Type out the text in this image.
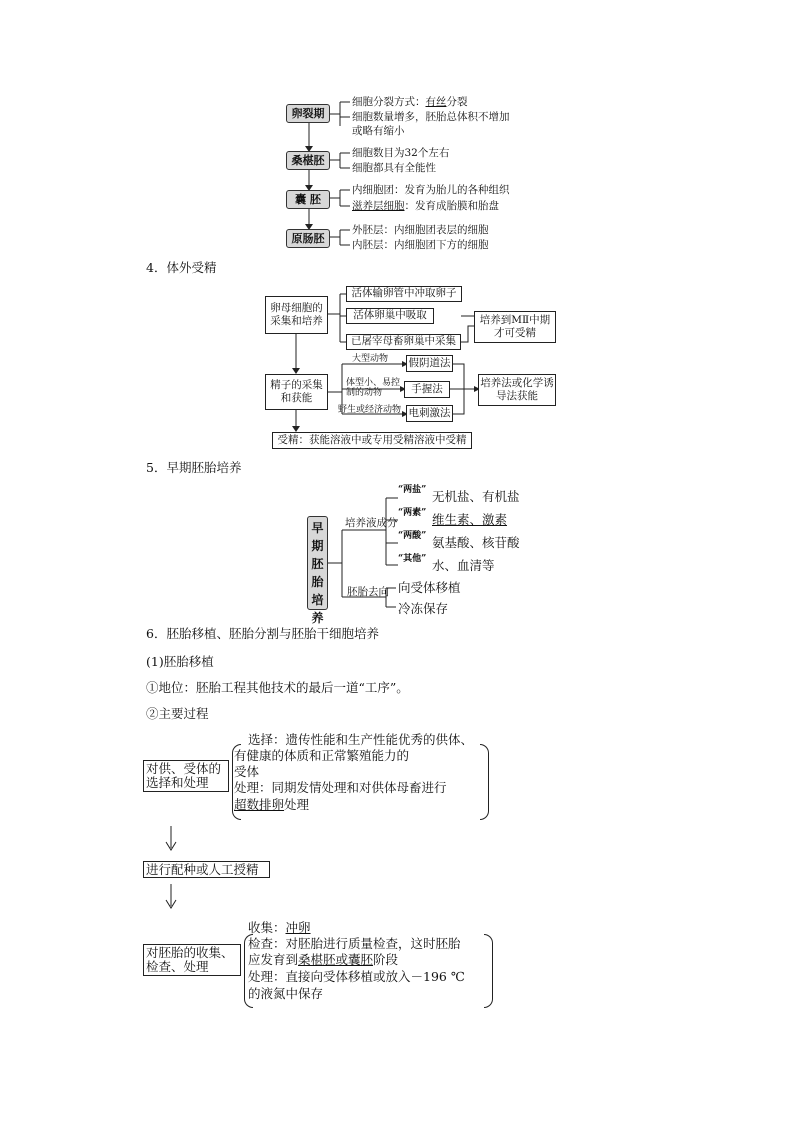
卵裂期
桑椹胚
囊 胚
原肠胚
细胞分裂方式：有丝分裂
细胞数量增多，胚胎总体积不增加
或略有缩小
细胞数目为32个左右
细胞都具有全能性
内细胞团：发育为胎儿的各种组织
滋养层细胞：发育成胎膜和胎盘
外胚层：内细胞团表层的细胞
内胚层：内细胞团下方的细胞
4．体外受精
卵母细胞的采集和培养
活体输卵管中冲取卵子
活体卵巢中吸取
已屠宰母畜卵巢中采集
培养到MⅡ中期才可受精
精子的采集和获能
大型动物
体型小、易控制的动物
野生或经济动物
假阴道法
手握法
电刺激法
培养法或化学诱导法获能
受精：获能溶液中或专用受精溶液中受精
5．早期胚胎培养
早期胚胎培养
培养液成分
“两盐” 无机盐、有机盐
“两素” 维生素、激素
“两酸” 氨基酸、核苷酸
“其他” 水、血清等
胚胎去向 向受体移植
冷冻保存
6．胚胎移植、胚胎分割与胚胎干细胞培养
(1)胚胎移植
①地位：胚胎工程其他技术的最后一道“工序”。
②主要过程
对供、受体的选择和处理
选择：遗传性能和生产性能优秀的供体、
有健康的体质和正常繁殖能力的
受体
处理：同期发情处理和对供体母畜进行
超数排卵处理
进行配种或人工授精
对胚胎的收集、检查、处理
收集：冲卵
检查：对胚胎进行质量检查，这时胚胎
应发育到桑椹胚或囊胚阶段
处理：直接向受体移植或放入－196 ℃
的液氮中保存
